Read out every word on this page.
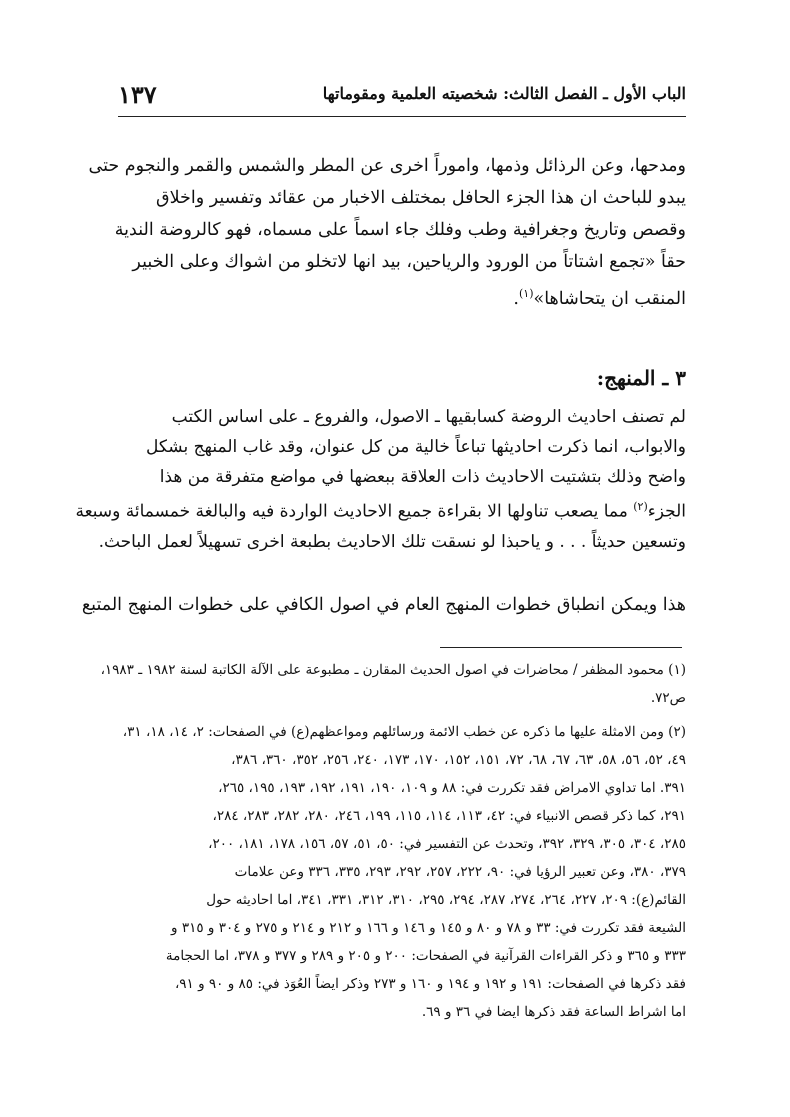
الباب الأول ـ الفصل الثالث: شخصيته العلمية ومقوماتها
١٣٧
ومدحها، وعن الرذائل وذمها، واموراً اخرى عن المطر والشمس والقمر والنجوم حتى
يبدو للباحث ان هذا الجزء الحافل بمختلف الاخبار من عقائد وتفسير واخلاق
وقصص وتاريخ وجغرافية وطب وفلك جاء اسماً على مسماه، فهو كالروضة الندية
حقاً «تجمع اشتاتاً من الورود والرياحين، بيد انها لاتخلو من اشواك وعلى الخبير
المنقب ان يتحاشاها»$^{(١)}$.
٣ ـ المنهج:
لم تصنف احاديث الروضة كسابقيها ـ الاصول، والفروع ـ على اساس الكتب
والابواب، انما ذكرت احاديثها تباعاً خالية من كل عنوان، وقد غاب المنهج بشكل
واضح وذلك بتشتيت الاحاديث ذات العلاقة ببعضها في مواضع متفرقة من هذا
الجزء$^{(٢)}$ مما يصعب تناولها الا بقراءة جميع الاحاديث الواردة فيه والبالغة خمسمائة وسبعة
وتسعين حديثاً . . . و ياحبذا لو نسقت تلك الاحاديث بطبعة اخرى تسهيلاً لعمل الباحث.
هذا ويمكن انطباق خطوات المنهج العام في اصول الكافي على خطوات المنهج المتبع
(١) محمود المظفر / محاضرات في اصول الحديث المقارن ـ مطبوعة على الآلة الكاتبة لسنة ١٩٨٢ ـ ١٩٨٣،
ص٧٢.
(٢) ومن الامثلة عليها ما ذكره عن خطب الائمة ورسائلهم ومواعظهم(ع) في الصفحات: ٢، ١٤، ١٨، ٣١،
٤٩، ٥٢، ٥٦، ٥٨، ٦٣، ٦٧، ٦٨، ٧٢، ١٥١، ١٥٢، ١٧٠، ١٧٣، ٢٤٠، ٢٥٦، ٣٥٢، ٣٦٠، ٣٨٦،
٣٩١. اما تداوي الامراض فقد تكررت في: ٨٨ و ١٠٩، ١٩٠، ١٩١، ١٩٢، ١٩٣، ١٩٥، ٢٦٥،
٢٩١، كما ذكر قصص الانبياء في: ٤٢، ١١٣، ١١٤، ١١٥، ١٩٩، ٢٤٦، ٢٨٠، ٢٨٢، ٢٨٣، ٢٨٤،
٢٨٥، ٣٠٤، ٣٠٥، ٣٢٩، ٣٩٢، وتحدث عن التفسير في: ٥٠، ٥١، ٥٧، ١٥٦، ١٧٨، ١٨١، ٢٠٠،
٣٧٩، ٣٨٠، وعن تعبير الرؤيا في: ٩٠، ٢٢٢، ٢٥٧، ٢٩٢، ٢٩٣، ٣٣٥، ٣٣٦ وعن علامات
القائم(ع): ٢٠٩، ٢٢٧، ٢٦٤، ٢٧٤، ٢٨٧، ٢٩٤، ٢٩٥، ٣١٠، ٣١٢، ٣٣١، ٣٤١، اما احاديثه حول
الشيعة فقد تكررت في: ٣٣ و ٧٨ و ٨٠ و ١٤٥ و ١٤٦ و ١٦٦ و ٢١٢ و ٢١٤ و ٢٧٥ و ٣٠٤ و ٣١٥ و
٣٣٣ و ٣٦٥ و ذكر القراءات القرآنية في الصفحات: ٢٠٠ و ٢٠٥ و ٢٨٩ و ٣٧٧ و ٣٧٨، اما الحجامة
فقد ذكرها في الصفحات: ١٩١ و ١٩٢ و ١٩٤ و ١٦٠ و ٢٧٣ وذكر ايضاً العُوَذ في: ٨٥ و ٩٠ و ٩١،
اما اشراط الساعة فقد ذكرها ايضا في ٣٦ و ٦٩.
